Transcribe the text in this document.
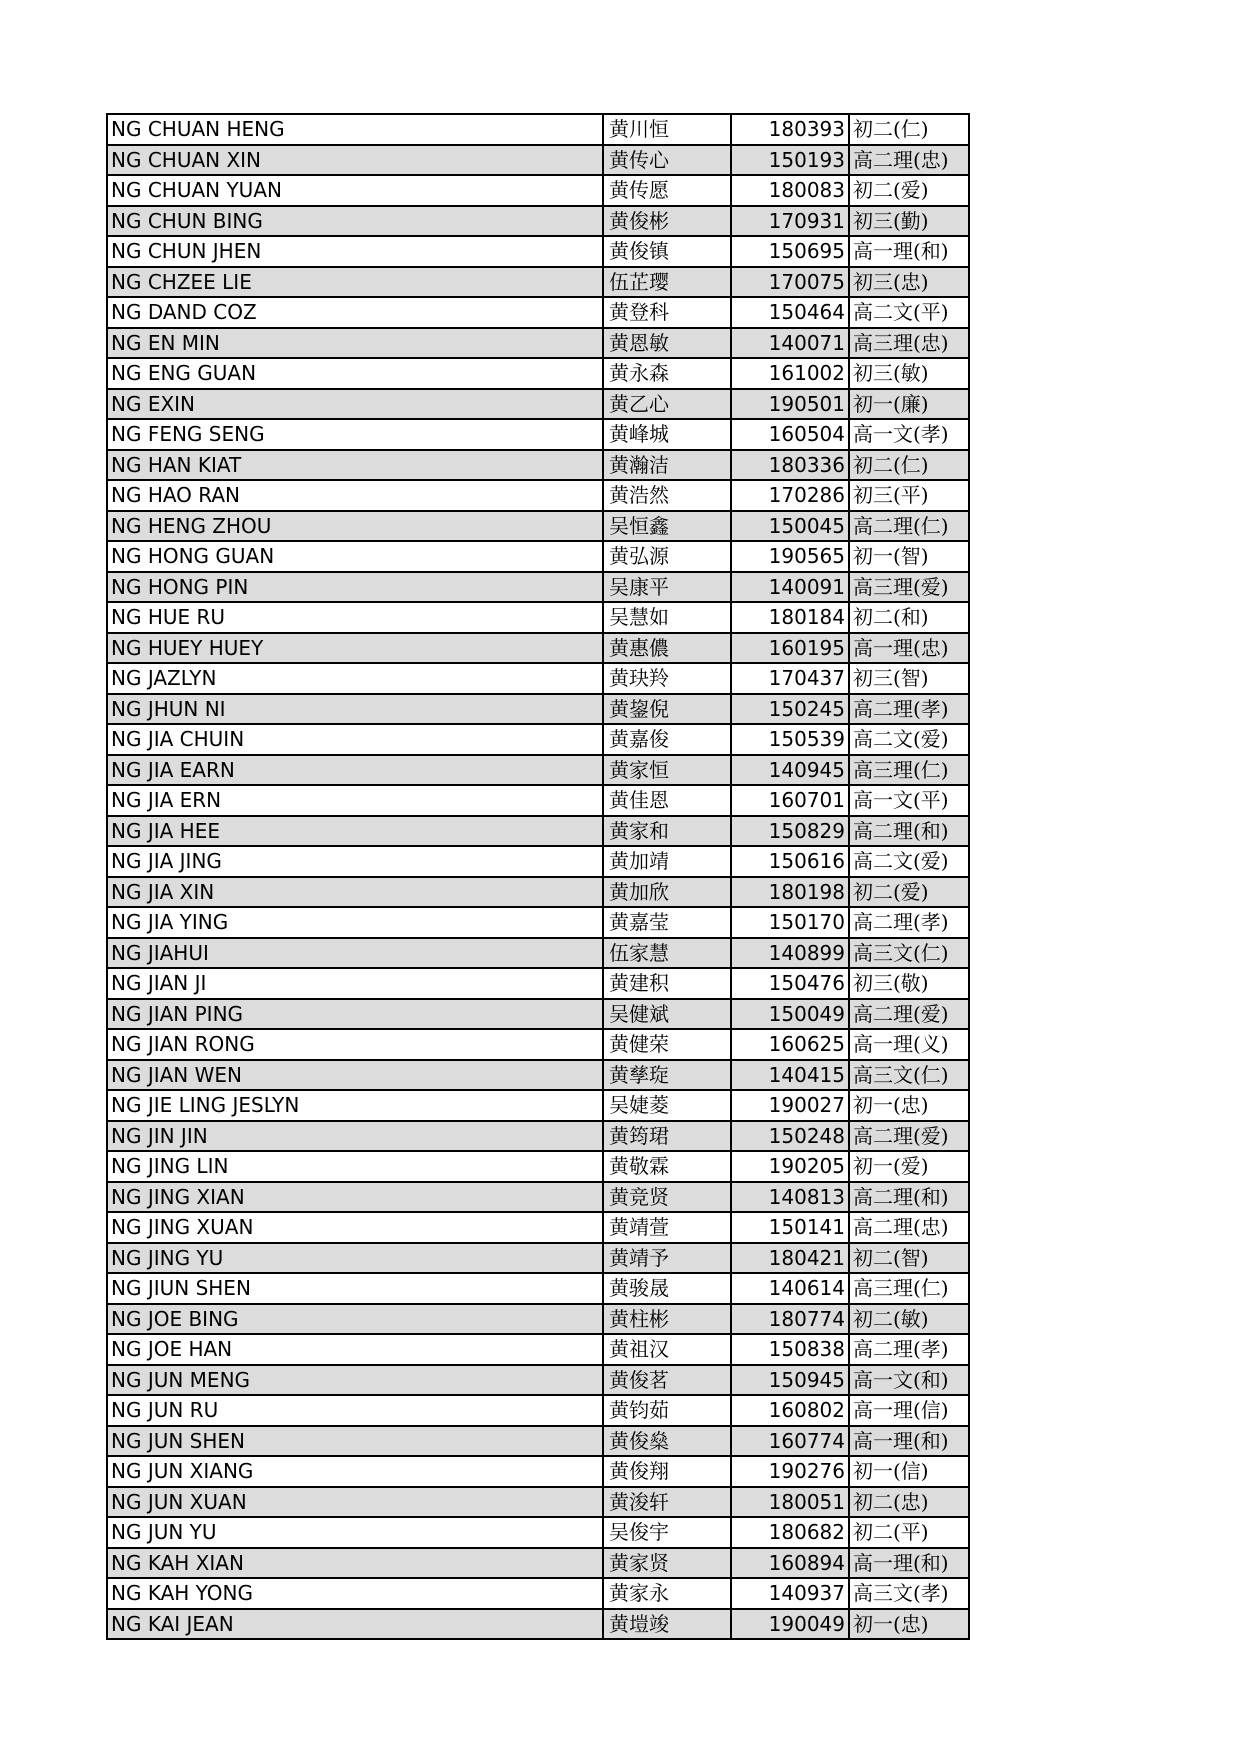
NG CHUAN HENG	黄川恒	180393	初二(仁)
NG CHUAN XIN	黄传心	150193	高二理(忠)
NG CHUAN YUAN	黄传愿	180083	初二(爱)
NG CHUN BING	黄俊彬	170931	初三(勤)
NG CHUN JHEN	黄俊镇	150695	高一理(和)
NG CHZEE LIE	伍芷璎	170075	初三(忠)
NG DAND COZ	黄登科	150464	高二文(平)
NG EN MIN	黄恩敏	140071	高三理(忠)
NG ENG GUAN	黄永森	161002	初三(敏)
NG EXIN	黄乙心	190501	初一(廉)
NG FENG SENG	黄峰城	160504	高一文(孝)
NG HAN KIAT	黄瀚洁	180336	初二(仁)
NG HAO RAN	黄浩然	170286	初三(平)
NG HENG ZHOU	吴恒鑫	150045	高二理(仁)
NG HONG GUAN	黄弘源	190565	初一(智)
NG HONG PIN	吴康平	140091	高三理(爱)
NG HUE RU	吴慧如	180184	初二(和)
NG HUEY HUEY	黄惠儂	160195	高一理(忠)
NG JAZLYN	黄玦羚	170437	初三(智)
NG JHUN NI	黄鋆倪	150245	高二理(孝)
NG JIA CHUIN	黄嘉俊	150539	高二文(爱)
NG JIA EARN	黄家恒	140945	高三理(仁)
NG JIA ERN	黄佳恩	160701	高一文(平)
NG JIA HEE	黄家和	150829	高二理(和)
NG JIA JING	黄加靖	150616	高二文(爱)
NG JIA XIN	黄加欣	180198	初二(爱)
NG JIA YING	黄嘉莹	150170	高二理(孝)
NG JIAHUI	伍家慧	140899	高三文(仁)
NG JIAN JI	黄建积	150476	初三(敬)
NG JIAN PING	吴健斌	150049	高二理(爱)
NG JIAN RONG	黄健荣	160625	高一理(义)
NG JIAN WEN	黄孳琁	140415	高三文(仁)
NG JIE LING JESLYN	吴婕菱	190027	初一(忠)
NG JIN JIN	黄筠珺	150248	高二理(爱)
NG JING LIN	黄敬霖	190205	初一(爱)
NG JING XIAN	黄竞贤	140813	高二理(和)
NG JING XUAN	黄靖萱	150141	高二理(忠)
NG JING YU	黄靖予	180421	初二(智)
NG JIUN SHEN	黄骏晟	140614	高三理(仁)
NG JOE BING	黄柱彬	180774	初二(敏)
NG JOE HAN	黄祖汉	150838	高二理(孝)
NG JUN MENG	黄俊茗	150945	高一文(和)
NG JUN RU	黄钧茹	160802	高一理(信)
NG JUN SHEN	黄俊燊	160774	高一理(和)
NG JUN XIANG	黄俊翔	190276	初一(信)
NG JUN XUAN	黄浚轩	180051	初二(忠)
NG JUN YU	吴俊宇	180682	初二(平)
NG KAH XIAN	黄家贤	160894	高一理(和)
NG KAH YONG	黄家永	140937	高三文(孝)
NG KAI JEAN	黄塏竣	190049	初一(忠)
